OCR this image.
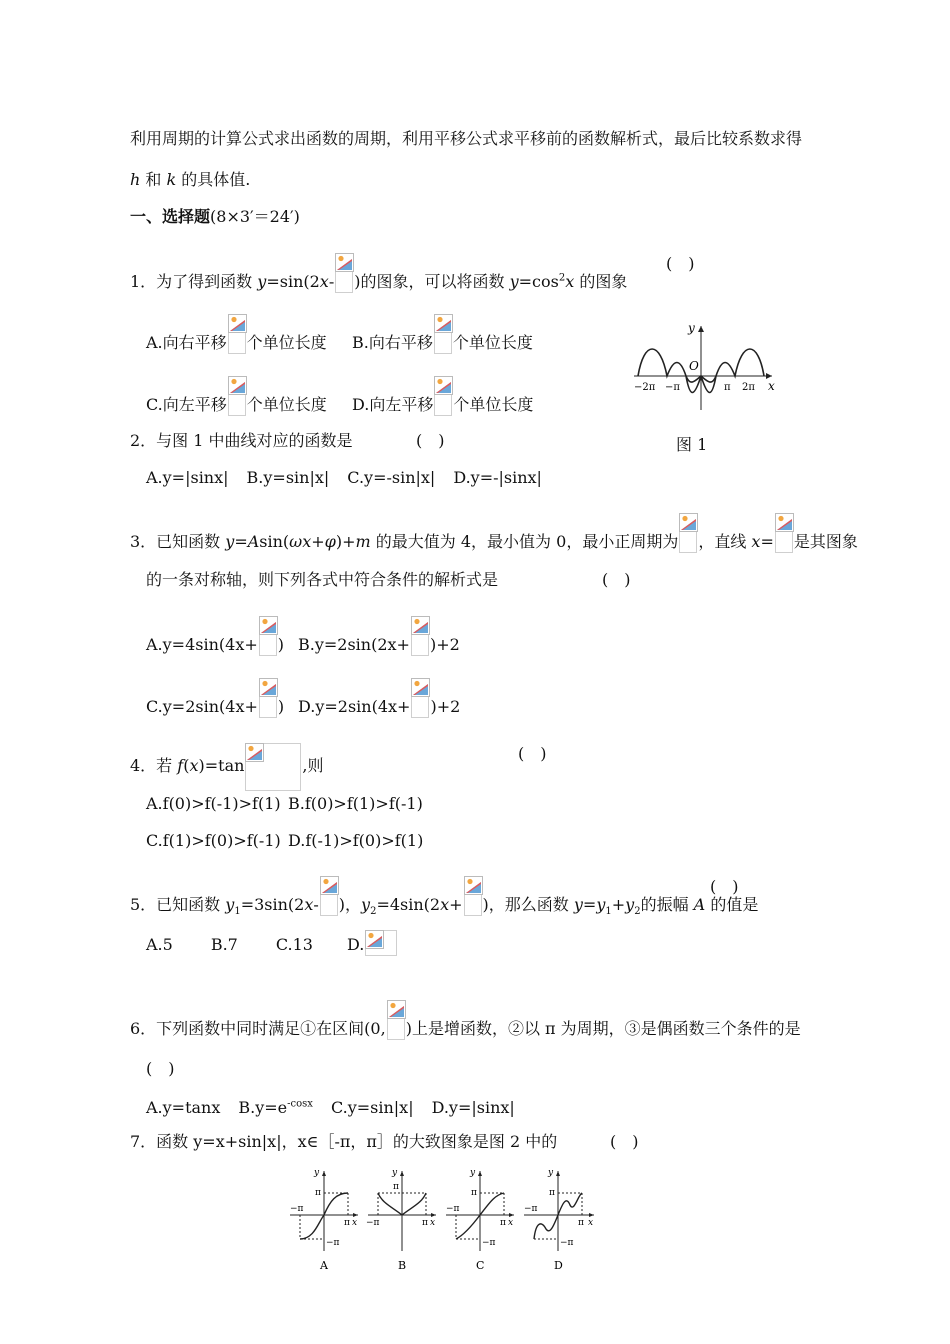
利用周期的计算公式求出函数的周期，利用平移公式求平移前的函数解析式，最后比较系数求得
h 和 k 的具体值.
一、选择题(8×3′＝24′)
1．为了得到函数 y=sin(2x- )的图象，可以将函数 $y=\cos^2x$ 的图象
(　)
A.向右平移 个单位长度 B.向右平移 个单位长度
C.向左平移 个单位长度 D.向左平移 个单位长度
y
x
O
−2π −π	π 2π
图 1
2．与图 1 中曲线对应的函数是	(　)
A.y=|sinx| B.y=sin|x| C.y=-sin|x| D.y=-|sinx|
3．已知函数 y=Asin(ωx+φ)+m 的最大值为 4，最小值为 0，最小正周期为 ，直线 x= 是其图象
的一条对称轴，则下列各式中符合条件的解析式是	(　)
A.y=4sin(4x+ ) B.y=2sin(2x+ )+2
C.y=2sin(4x+ ) D.y=2sin(4x+ )+2
4．若 f(x)=tan	,则
(　)
A.f(0)>f(-1)>f(1) B.f(0)>f(1)>f(-1)
C.f(1)>f(0)>f(-1) D.f(-1)>f(0)>f(1)
5．已知函数 $y_1=3\sin(2x-$ )，$y_2=4\sin(2x+$ )，那么函数 $y=y_1+y_2$的振幅 A 的值是
(　)
A.5 B.7 C.13 D.
6．下列函数中同时满足①在区间(0, )上是增函数，②以 π 为周期，③是偶函数三个条件的是
(　)
A.y=tanx $B.y=e^{-cosx}$ C.y=sin|x| D.y=|sinx|
7．函数 y=x+sin|x|，x∈［-π，π］的大致图象是图 2 中的	(　)
y
π
−π
π x
−π
A
y
π
−π	π x
B
y
π
−π
π x
−π
C
y
π
−π
π x
−π
D
